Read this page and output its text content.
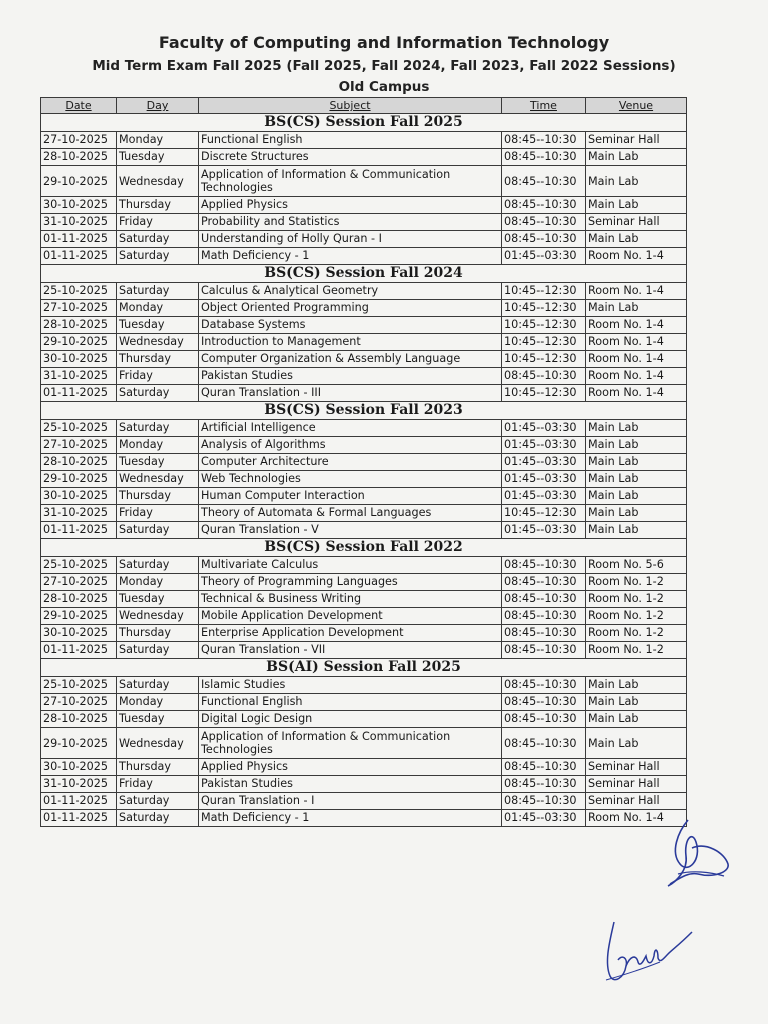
Faculty of Computing and Information Technology
Mid Term Exam Fall 2025 (Fall 2025, Fall 2024, Fall 2023, Fall 2022 Sessions)
Old Campus
Date	Day	Subject	Time	Venue
BS(CS) Session Fall 2025				
27-10-2025	Monday	Functional English	08:45--10:30	Seminar Hall
28-10-2025	Tuesday	Discrete Structures	08:45--10:30	Main Lab
29-10-2025	Wednesday	Application of Information & Communication Technologies	08:45--10:30	Main Lab
30-10-2025	Thursday	Applied Physics	08:45--10:30	Main Lab
31-10-2025	Friday	Probability and Statistics	08:45--10:30	Seminar Hall
01-11-2025	Saturday	Understanding of Holly Quran - I	08:45--10:30	Main Lab
01-11-2025	Saturday	Math Deficiency - 1	01:45--03:30	Room No. 1-4
BS(CS) Session Fall 2024				
25-10-2025	Saturday	Calculus & Analytical Geometry	10:45--12:30	Room No. 1-4
27-10-2025	Monday	Object Oriented Programming	10:45--12:30	Main Lab
28-10-2025	Tuesday	Database Systems	10:45--12:30	Room No. 1-4
29-10-2025	Wednesday	Introduction to Management	10:45--12:30	Room No. 1-4
30-10-2025	Thursday	Computer Organization & Assembly Language	10:45--12:30	Room No. 1-4
31-10-2025	Friday	Pakistan Studies	08:45--10:30	Room No. 1-4
01-11-2025	Saturday	Quran Translation - III	10:45--12:30	Room No. 1-4
BS(CS) Session Fall 2023				
25-10-2025	Saturday	Artificial Intelligence	01:45--03:30	Main Lab
27-10-2025	Monday	Analysis of Algorithms	01:45--03:30	Main Lab
28-10-2025	Tuesday	Computer Architecture	01:45--03:30	Main Lab
29-10-2025	Wednesday	Web Technologies	01:45--03:30	Main Lab
30-10-2025	Thursday	Human Computer Interaction	01:45--03:30	Main Lab
31-10-2025	Friday	Theory of Automata & Formal Languages	10:45--12:30	Main Lab
01-11-2025	Saturday	Quran Translation - V	01:45--03:30	Main Lab
BS(CS) Session Fall 2022				
25-10-2025	Saturday	Multivariate Calculus	08:45--10:30	Room No. 5-6
27-10-2025	Monday	Theory of Programming Languages	08:45--10:30	Room No. 1-2
28-10-2025	Tuesday	Technical & Business Writing	08:45--10:30	Room No. 1-2
29-10-2025	Wednesday	Mobile Application Development	08:45--10:30	Room No. 1-2
30-10-2025	Thursday	Enterprise Application Development	08:45--10:30	Room No. 1-2
01-11-2025	Saturday	Quran Translation - VII	08:45--10:30	Room No. 1-2
BS(AI) Session Fall 2025				
25-10-2025	Saturday	Islamic Studies	08:45--10:30	Main Lab
27-10-2025	Monday	Functional English	08:45--10:30	Main Lab
28-10-2025	Tuesday	Digital Logic Design	08:45--10:30	Main Lab
29-10-2025	Wednesday	Application of Information & Communication Technologies	08:45--10:30	Main Lab
30-10-2025	Thursday	Applied Physics	08:45--10:30	Seminar Hall
31-10-2025	Friday	Pakistan Studies	08:45--10:30	Seminar Hall
01-11-2025	Saturday	Quran Translation - I	08:45--10:30	Seminar Hall
01-11-2025	Saturday	Math Deficiency - 1	01:45--03:30	Room No. 1-4
